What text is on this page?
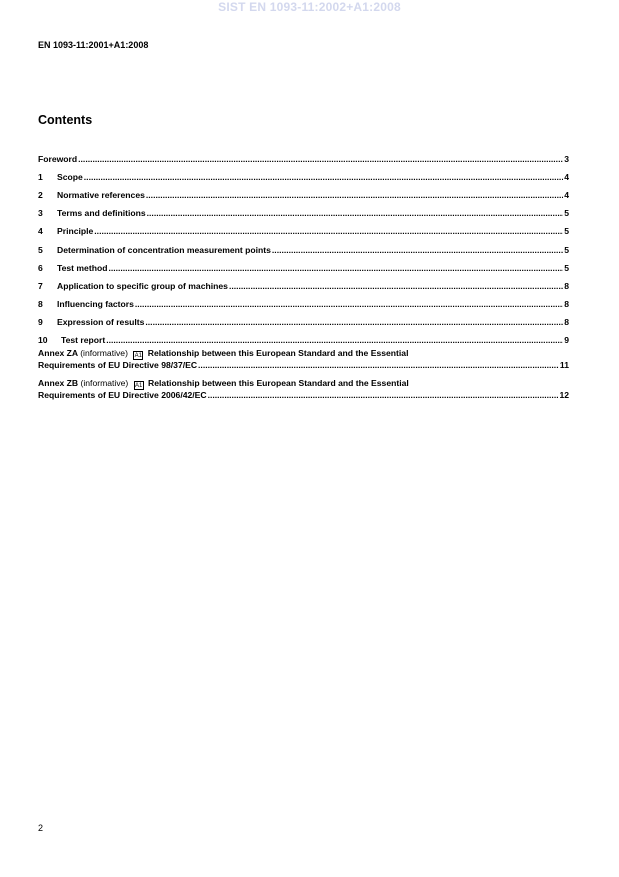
SIST EN 1093-11:2002+A1:2008
EN 1093-11:2001+A1:2008
Contents
Foreword .....	3
1	Scope .....	4
2	Normative references .....	4
3	Terms and definitions .....	5
4	Principle .....	5
5	Determination of concentration measurement points .....	5
6	Test method .....	5
7	Application to specific group of machines .....	8
8	Influencing factors .....	8
9	Expression of results .....	8
10	Test report .....	9
Annex ZA (informative) A1 Relationship between this European Standard and the Essential
Requirements of EU Directive 98/37/EC .....	11
Annex ZB (informative) A1 Relationship between this European Standard and the Essential
Requirements of EU Directive 2006/42/EC .....	12
2
